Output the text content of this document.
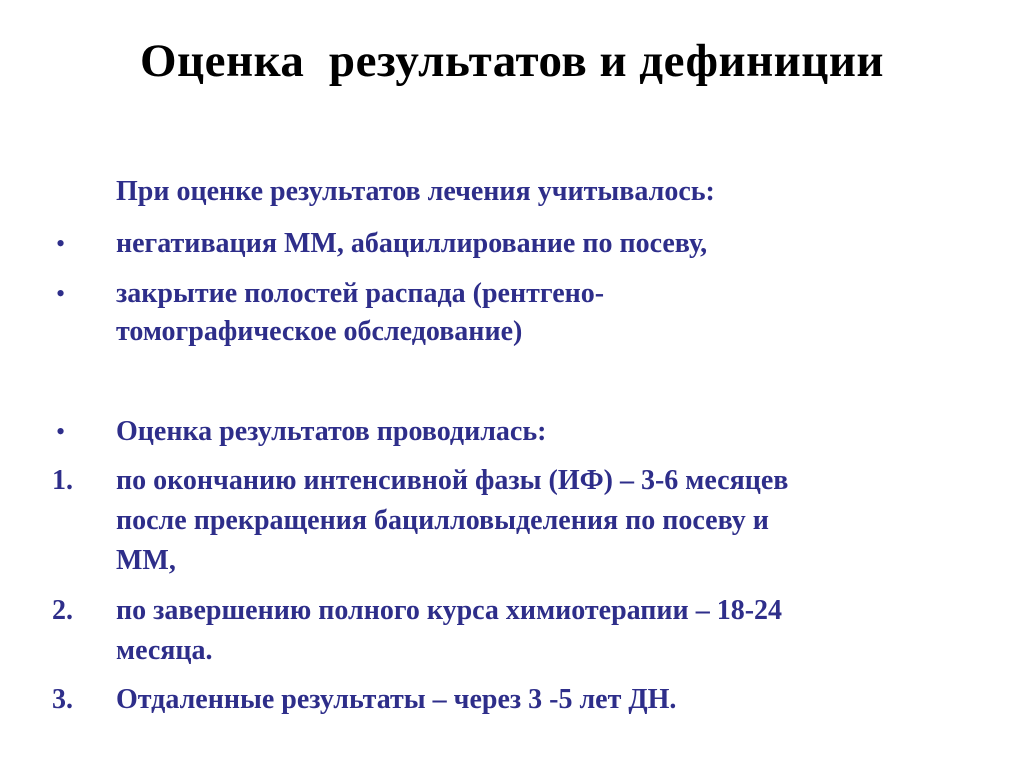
Оценка  результатов и дефиниции
При оценке результатов лечения учитывалось:
• негативация ММ, абациллирование по посеву,
• закрытие полостей распада (рентгено-
томографическое обследование)
• Оценка результатов проводилась:
1. по окончанию интенсивной фазы (ИФ) – 3-6 месяцев
после прекращения бацилловыделения по посеву и
ММ,
2. по завершению полного курса химиотерапии – 18-24
месяца.
3. Отдаленные результаты – через 3 -5 лет ДН.
